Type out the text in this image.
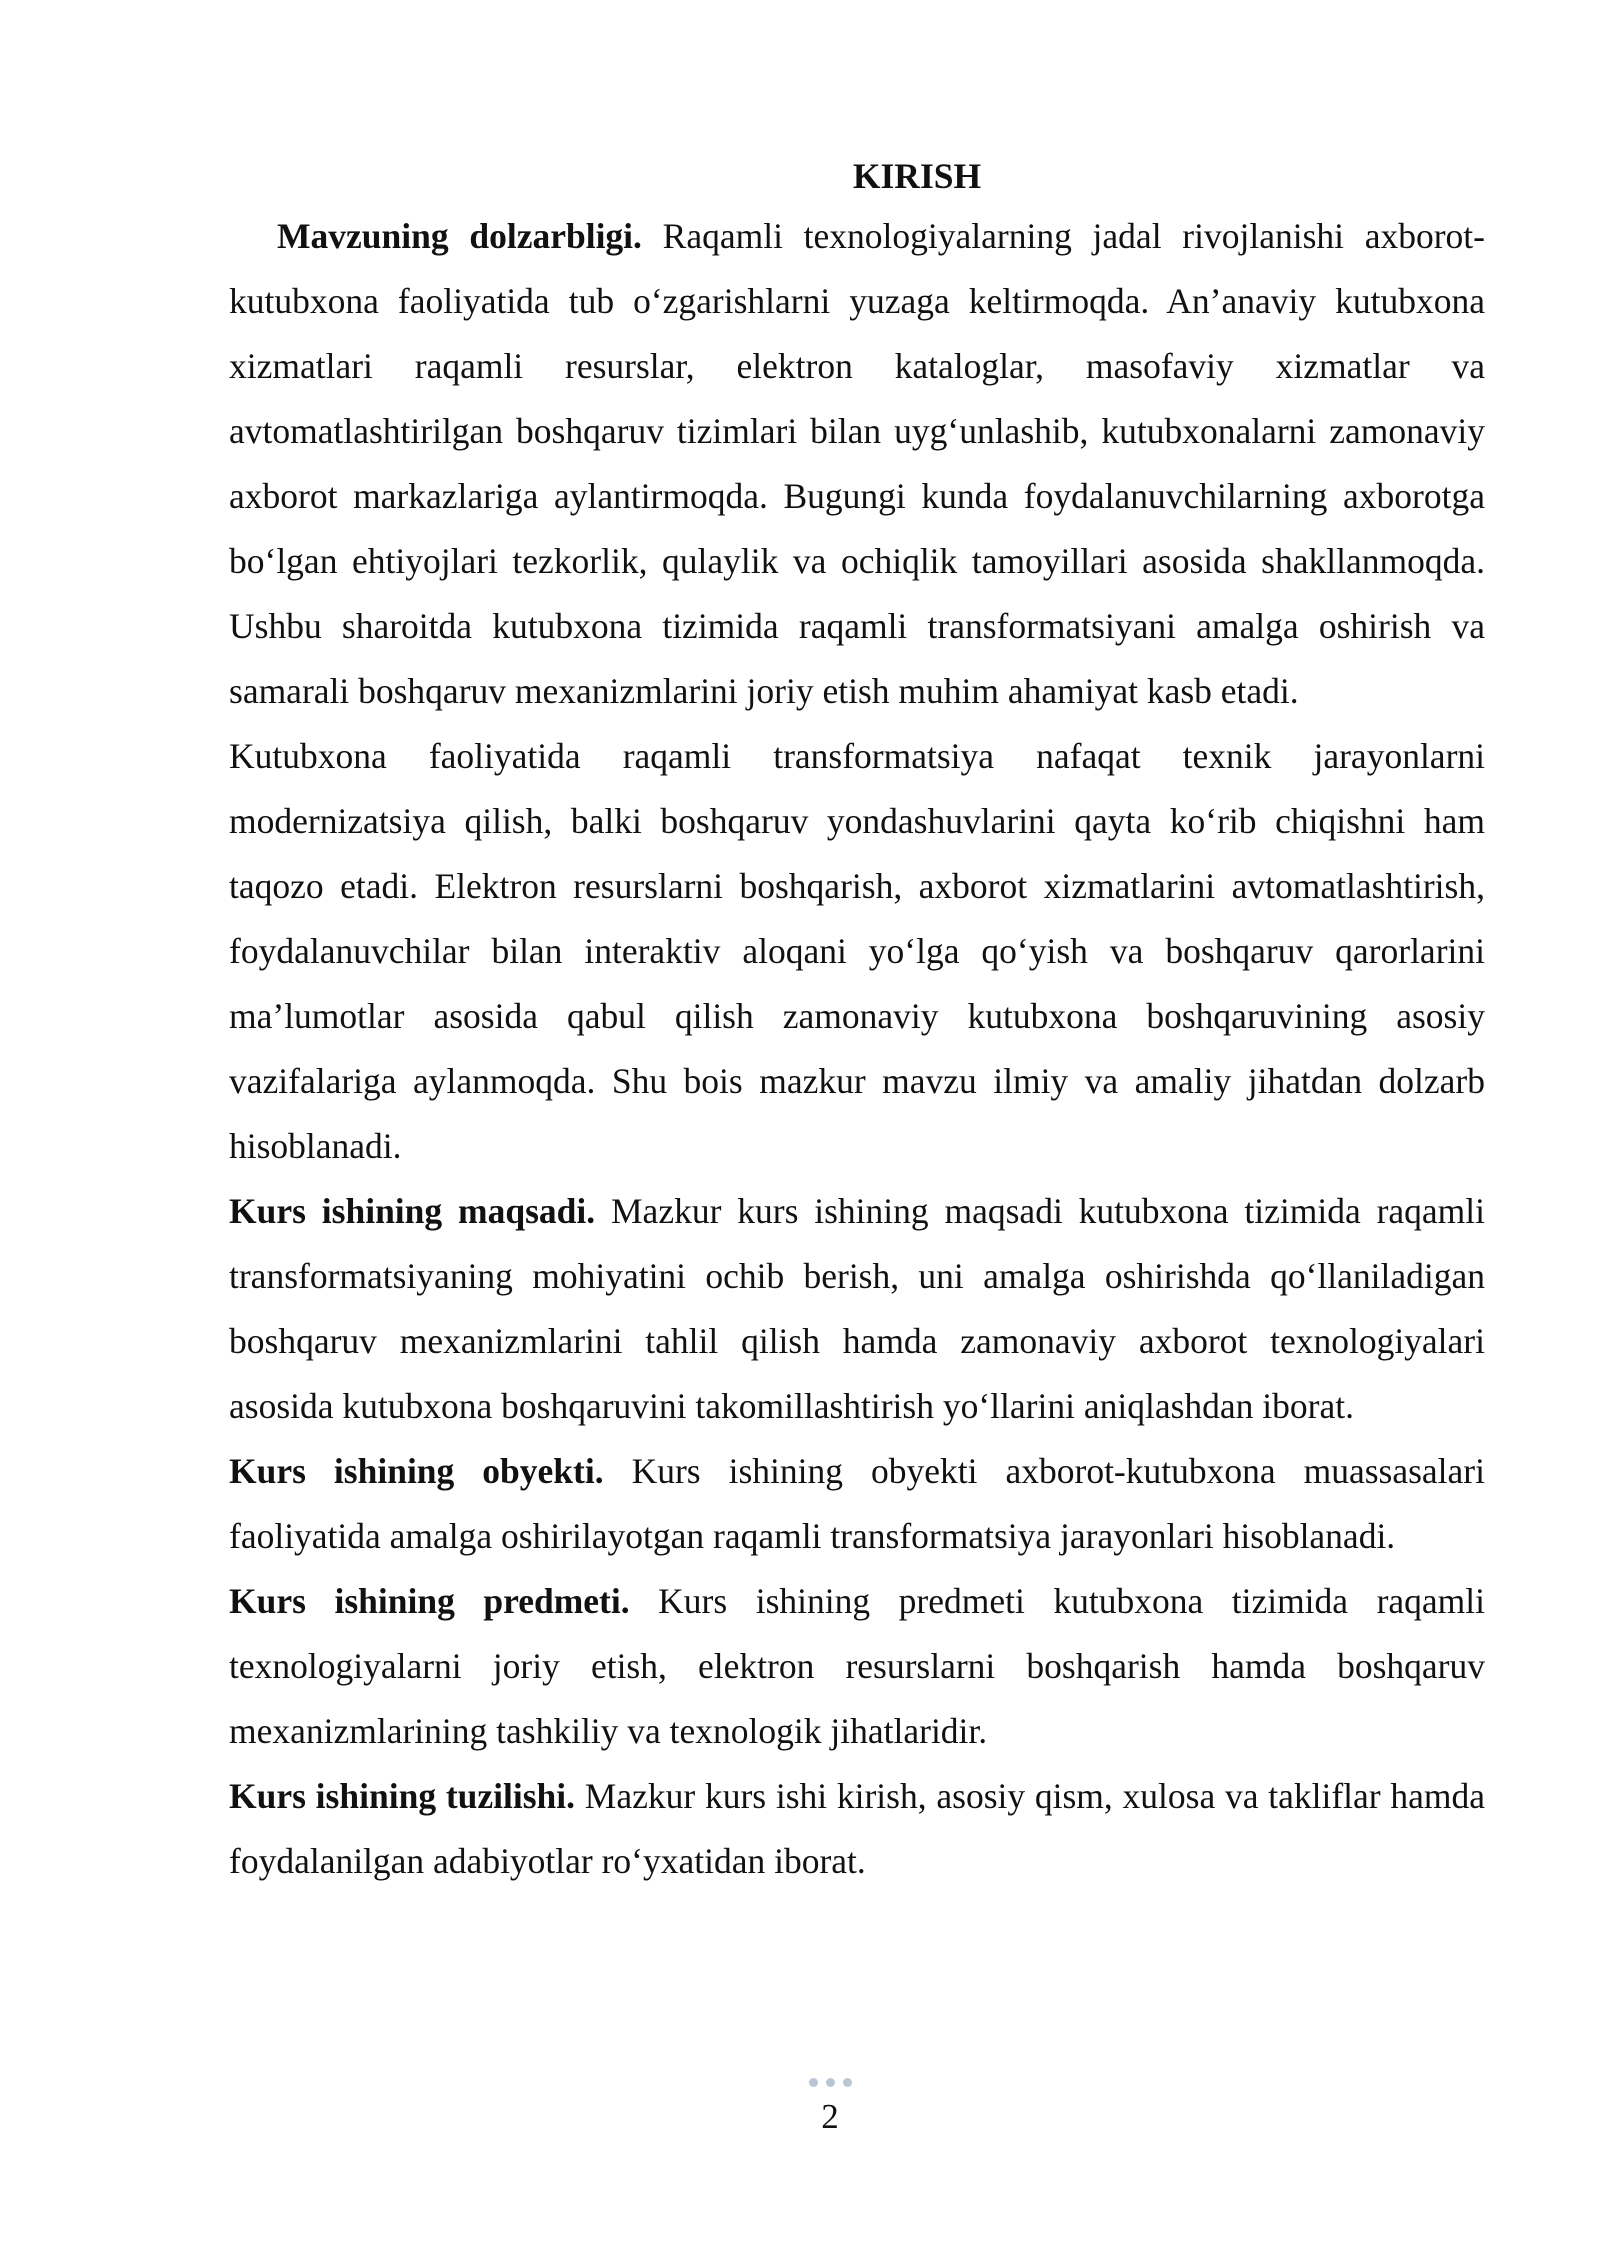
KIRISH

Mavzuning dolzarbligi. Raqamli texnologiyalarning jadal rivojlanishi axborot-kutubxona faoliyatida tub o‘zgarishlarni yuzaga keltirmoqda. An’anaviy kutubxona xizmatlari raqamli resurslar, elektron kataloglar, masofaviy xizmatlar va avtomatlashtirilgan boshqaruv tizimlari bilan uyg‘unlashib, kutubxonalarni zamonaviy axborot markazlariga aylantirmoqda. Bugungi kunda foydalanuvchilarning axborotga bo‘lgan ehtiyojlari tezkorlik, qulaylik va ochiqlik tamoyillari asosida shakllanmoqda. Ushbu sharoitda kutubxona tizimida raqamli transformatsiyani amalga oshirish va samarali boshqaruv mexanizmlarini joriy etish muhim ahamiyat kasb etadi.

Kutubxona faoliyatida raqamli transformatsiya nafaqat texnik jarayonlarni modernizatsiya qilish, balki boshqaruv yondashuvlarini qayta ko‘rib chiqishni ham taqozo etadi. Elektron resurslarni boshqarish, axborot xizmatlarini avtomatlashtirish, foydalanuvchilar bilan interaktiv aloqani yo‘lga qo‘yish va boshqaruv qarorlarini ma’lumotlar asosida qabul qilish zamonaviy kutubxona boshqaruvining asosiy vazifalariga aylanmoqda. Shu bois mazkur mavzu ilmiy va amaliy jihatdan dolzarb hisoblanadi.

Kurs ishining maqsadi. Mazkur kurs ishining maqsadi kutubxona tizimida raqamli transformatsiyaning mohiyatini ochib berish, uni amalga oshirishda qo‘llaniladigan boshqaruv mexanizmlarini tahlil qilish hamda zamonaviy axborot texnologiyalari asosida kutubxona boshqaruvini takomillashtirish yo‘llarini aniqlashdan iborat.

Kurs ishining obyekti. Kurs ishining obyekti axborot-kutubxona muassasalari faoliyatida amalga oshirilayotgan raqamli transformatsiya jarayonlari hisoblanadi.

Kurs ishining predmeti. Kurs ishining predmeti kutubxona tizimida raqamli texnologiyalarni joriy etish, elektron resurslarni boshqarish hamda boshqaruv mexanizmlarining tashkiliy va texnologik jihatlaridir.

Kurs ishining tuzilishi. Mazkur kurs ishi kirish, asosiy qism, xulosa va takliflar hamda foydalanilgan adabiyotlar ro‘yxatidan iborat.

2
